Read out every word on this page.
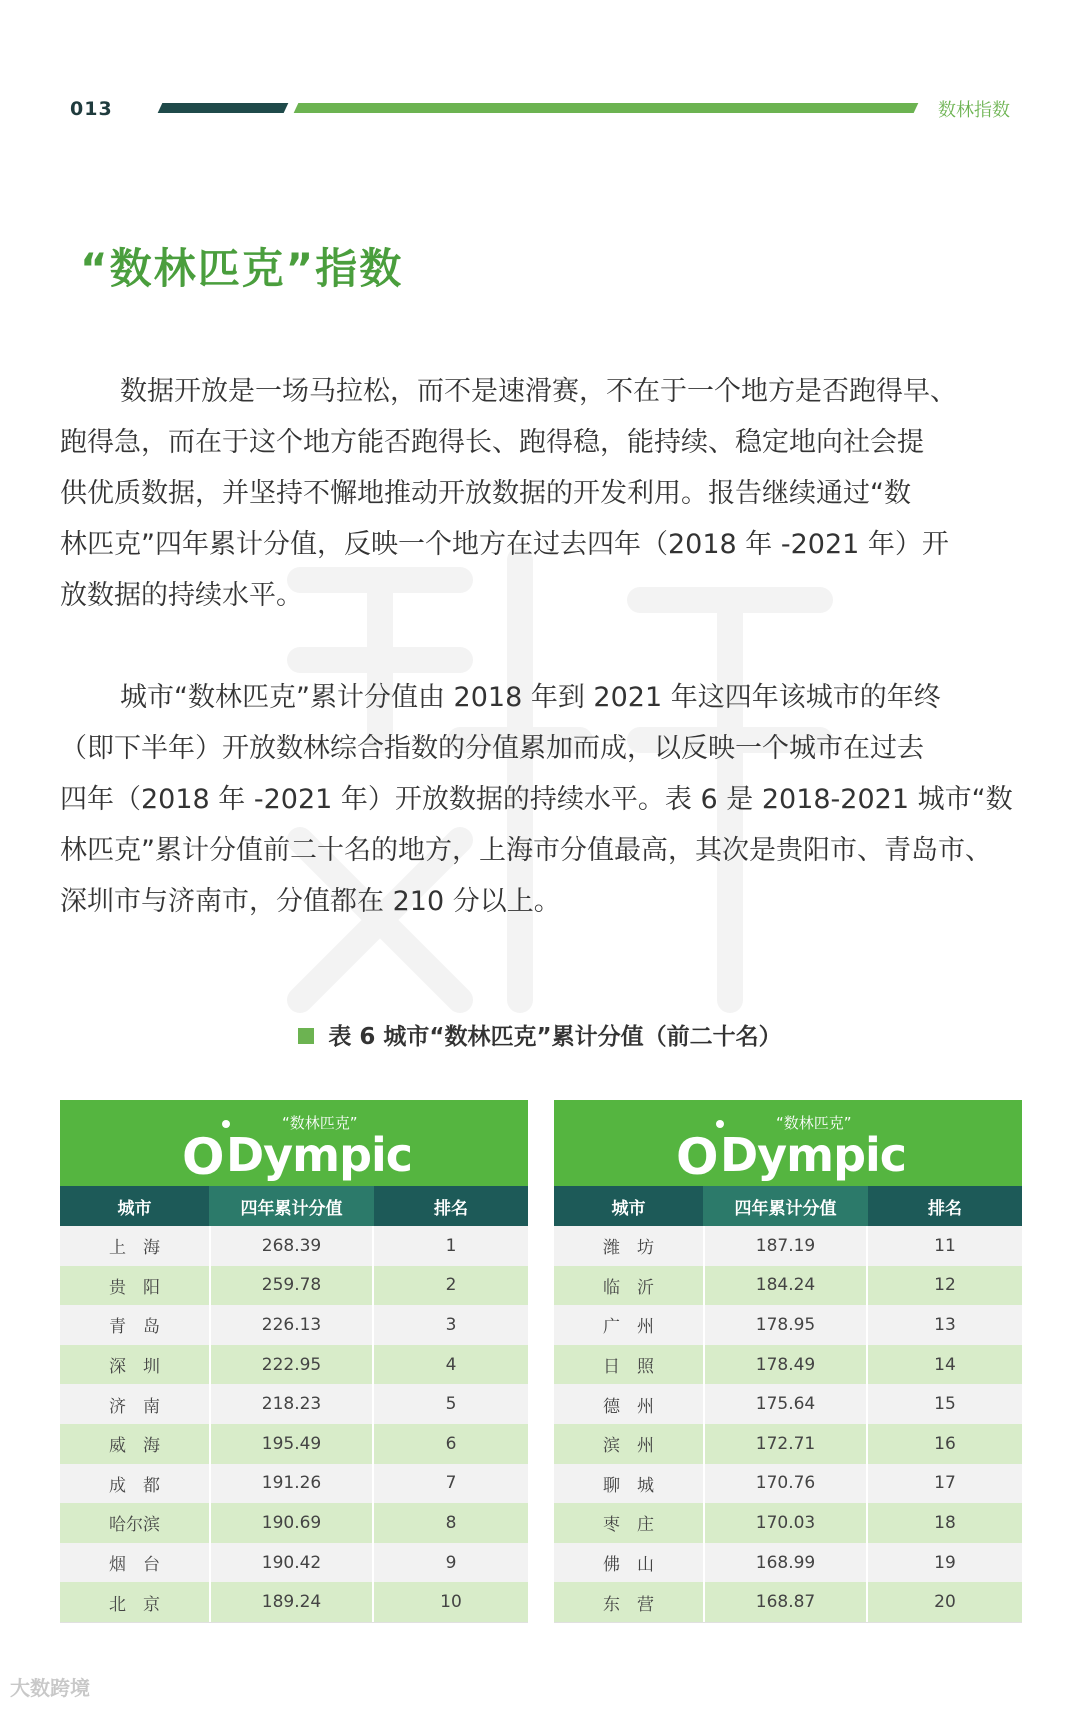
013	数林指数
“数林匹克”指数
数据开放是一场马拉松，而不是速滑赛，不在于一个地方是否跑得早、
跑得急，而在于这个地方能否跑得长、跑得稳，能持续、稳定地向社会提
供优质数据，并坚持不懈地推动开放数据的开发利用。报告继续通过“数
林匹克”四年累计分值，反映一个地方在过去四年（2018 年 -2021 年）开
放数据的持续水平。
城市“数林匹克”累计分值由 2018 年到 2021 年这四年该城市的年终
（即下半年）开放数林综合指数的分值累加而成，以反映一个城市在过去
四年（2018 年 -2021 年）开放数据的持续水平。表 6 是 2018-2021 城市“数
林匹克”累计分值前二十名的地方，上海市分值最高，其次是贵阳市、青岛市、
深圳市与济南市，分值都在 210 分以上。
表 6 城市“数林匹克”累计分值（前二十名）
“数林匹克”
O Dympic
城市	四年累计分值	排名
上　海	268.39	1
贵　阳	259.78	2
青　岛	226.13	3
深　圳	222.95	4
济　南	218.23	5
威　海	195.49	6
成　都	191.26	7
哈尔滨	190.69	8
烟　台	190.42	9
北　京	189.24	10
“数林匹克”
O Dympic
城市	四年累计分值	排名
潍　坊	187.19	11
临　沂	184.24	12
广　州	178.95	13
日　照	178.49	14
德　州	175.64	15
滨　州	172.71	16
聊　城	170.76	17
枣　庄	170.03	18
佛　山	168.99	19
东　营	168.87	20
大数跨境
